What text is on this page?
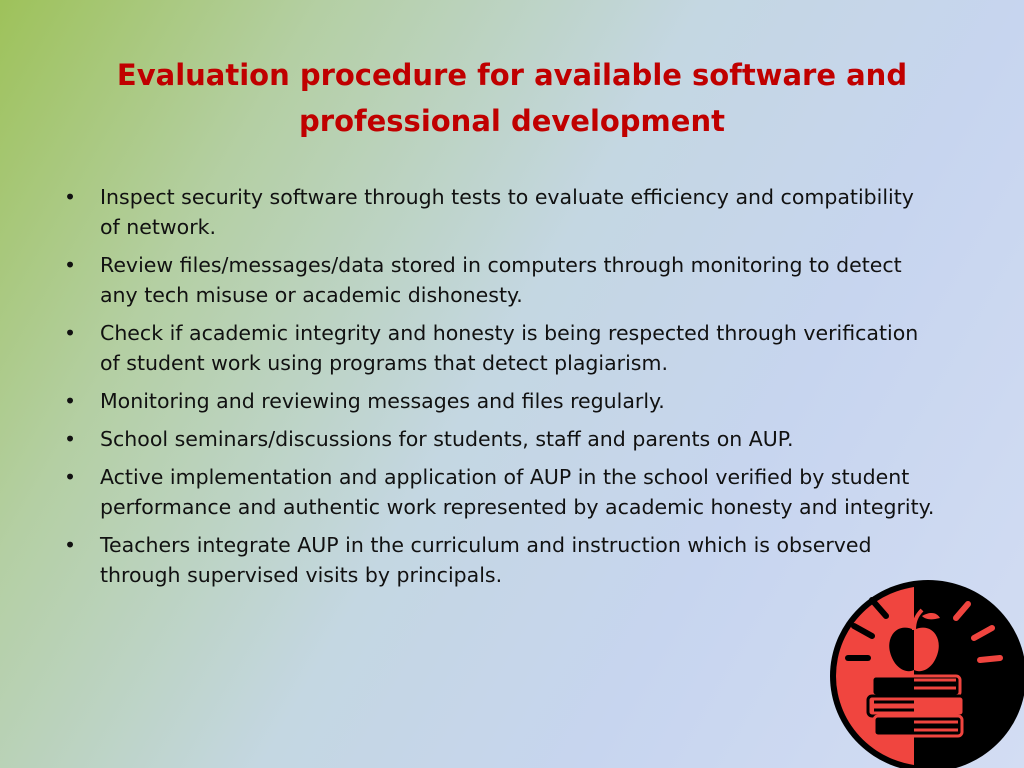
Evaluation procedure for available software and professional development
• Inspect security software through tests to evaluate efficiency and compatibility of network.
• Review files/messages/data stored in computers through monitoring to detect any tech misuse or academic dishonesty.
• Check if academic integrity and honesty is being respected through verification of student work using programs that detect plagiarism.
• Monitoring and reviewing messages and files regularly.
• School seminars/discussions for students, staff and parents on AUP.
• Active implementation and application of AUP in the school verified by student performance and authentic work represented by academic honesty and integrity.
• Teachers integrate AUP in the curriculum and instruction which is observed through supervised visits by principals.
